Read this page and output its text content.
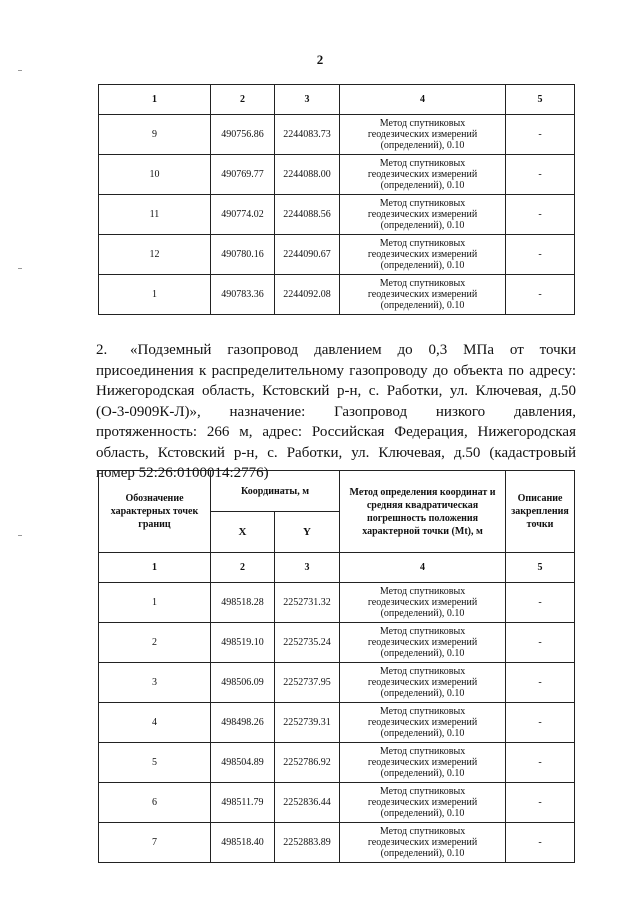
2
1	2	3	4	5
9	490756.86	2244083.73	Метод спутниковых
геодезических измерений
(определений), 0.10	-
10	490769.77	2244088.00	Метод спутниковых
геодезических измерений
(определений), 0.10	-
11	490774.02	2244088.56	Метод спутниковых
геодезических измерений
(определений), 0.10	-
12	490780.16	2244090.67	Метод спутниковых
геодезических измерений
(определений), 0.10	-
1	490783.36	2244092.08	Метод спутниковых
геодезических измерений
(определений), 0.10	-

2. «Подземный газопровод давлением до 0,3 МПа от точки присоединения к распределительному газопроводу до объекта по адресу: Нижегородская область, Кстовский р-н, с. Работки, ул. Ключевая, д.50 (О-3-0909К-Л)», назначение: Газопровод низкого давления, протяженность: 266 м, адрес: Российская Федерация, Нижегородская область, Кстовский р-н, с. Работки, ул. Ключевая, д.50 (кадастровый номер 52:26:0100014:2776)

Обозначение характерных точек границ	Координаты, м		Метод определения координат и средняя квадратическая погрешность положения характерной точки (Mt), м	Описание закрепления точки
	X	Y		
1	2	3	4	5
1	498518.28	2252731.32	Метод спутниковых
геодезических измерений
(определений), 0.10	-
2	498519.10	2252735.24	Метод спутниковых
геодезических измерений
(определений), 0.10	-
3	498506.09	2252737.95	Метод спутниковых
геодезических измерений
(определений), 0.10	-
4	498498.26	2252739.31	Метод спутниковых
геодезических измерений
(определений), 0.10	-
5	498504.89	2252786.92	Метод спутниковых
геодезических измерений
(определений), 0.10	-
6	498511.79	2252836.44	Метод спутниковых
геодезических измерений
(определений), 0.10	-
7	498518.40	2252883.89	Метод спутниковых
геодезических измерений
(определений), 0.10	-
